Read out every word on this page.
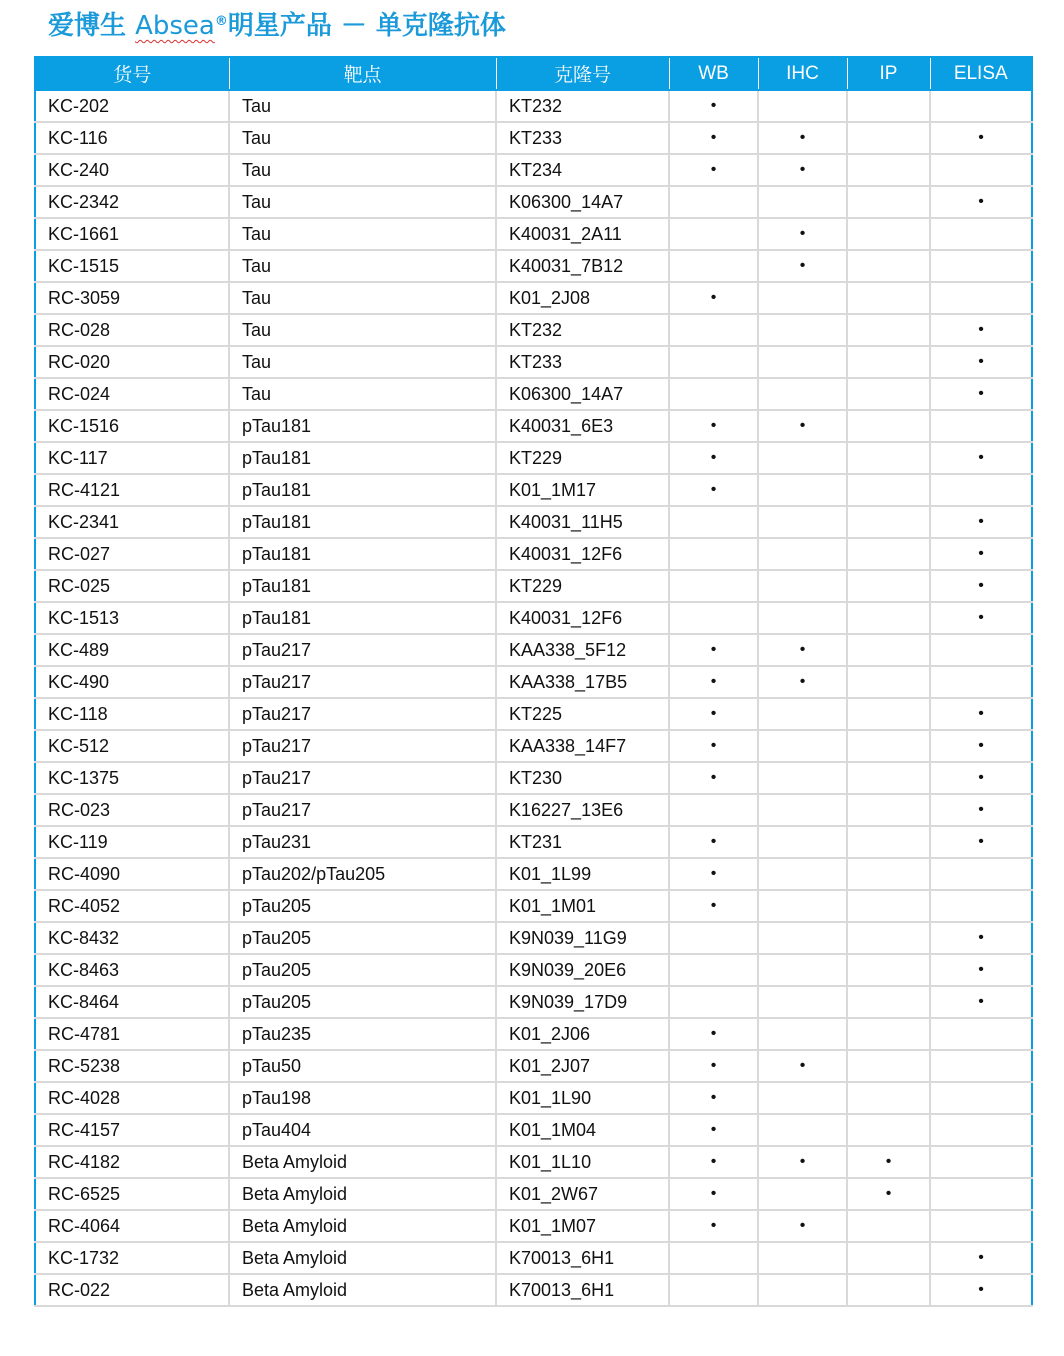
爱博生 Absea®明星产品 － 单克隆抗体
货号	靶点	克隆号	WB	IHC	IP	ELISA
KC-202	Tau	KT232	•			
KC-116	Tau	KT233	•	•		•
KC-240	Tau	KT234	•	•		
KC-2342	Tau	K06300_14A7				•
KC-1661	Tau	K40031_2A11		•		
KC-1515	Tau	K40031_7B12		•		
RC-3059	Tau	K01_2J08	•			
RC-028	Tau	KT232				•
RC-020	Tau	KT233				•
RC-024	Tau	K06300_14A7				•
KC-1516	pTau181	K40031_6E3	•	•		
KC-117	pTau181	KT229	•			•
RC-4121	pTau181	K01_1M17	•			
KC-2341	pTau181	K40031_11H5				•
RC-027	pTau181	K40031_12F6				•
RC-025	pTau181	KT229				•
KC-1513	pTau181	K40031_12F6				•
KC-489	pTau217	KAA338_5F12	•	•		
KC-490	pTau217	KAA338_17B5	•	•		
KC-118	pTau217	KT225	•			•
KC-512	pTau217	KAA338_14F7	•			•
KC-1375	pTau217	KT230	•			•
RC-023	pTau217	K16227_13E6				•
KC-119	pTau231	KT231	•			•
RC-4090	pTau202/pTau205	K01_1L99	•			
RC-4052	pTau205	K01_1M01	•			
KC-8432	pTau205	K9N039_11G9				•
KC-8463	pTau205	K9N039_20E6				•
KC-8464	pTau205	K9N039_17D9				•
RC-4781	pTau235	K01_2J06	•			
RC-5238	pTau50	K01_2J07	•	•		
RC-4028	pTau198	K01_1L90	•			
RC-4157	pTau404	K01_1M04	•			
RC-4182	Beta Amyloid	K01_1L10	•	•	•	
RC-6525	Beta Amyloid	K01_2W67	•		•	
RC-4064	Beta Amyloid	K01_1M07	•	•		
KC-1732	Beta Amyloid	K70013_6H1				•
RC-022	Beta Amyloid	K70013_6H1				•
